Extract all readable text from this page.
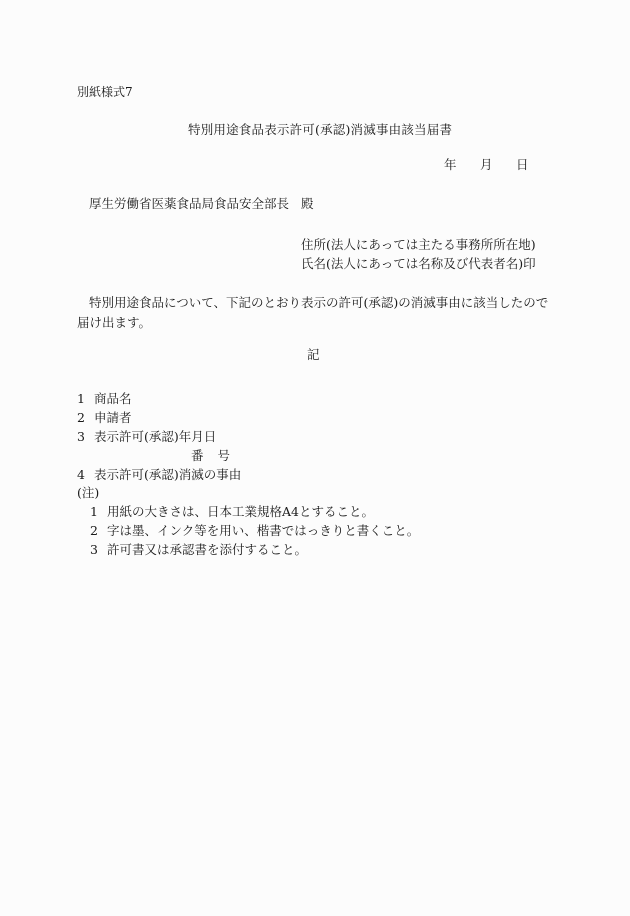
別紙様式7
特別用途食品表示許可(承認)消滅事由該当届書
年 月 日
厚生労働省医薬食品局食品安全部長 殿
住所(法人にあっては主たる事務所所在地)
氏名(法人にあっては名称及び代表者名)印
特別用途食品について、下記のとおり表示の許可(承認)の消滅事由に該当したので届け出ます。
記
1 商品名
2 申請者
3 表示許可(承認)年月日
番 号
4 表示許可(承認)消滅の事由
(注)
1 用紙の大きさは、日本工業規格A4とすること。
2 字は墨、インク等を用い、楷書ではっきりと書くこと。
3 許可書又は承認書を添付すること。
